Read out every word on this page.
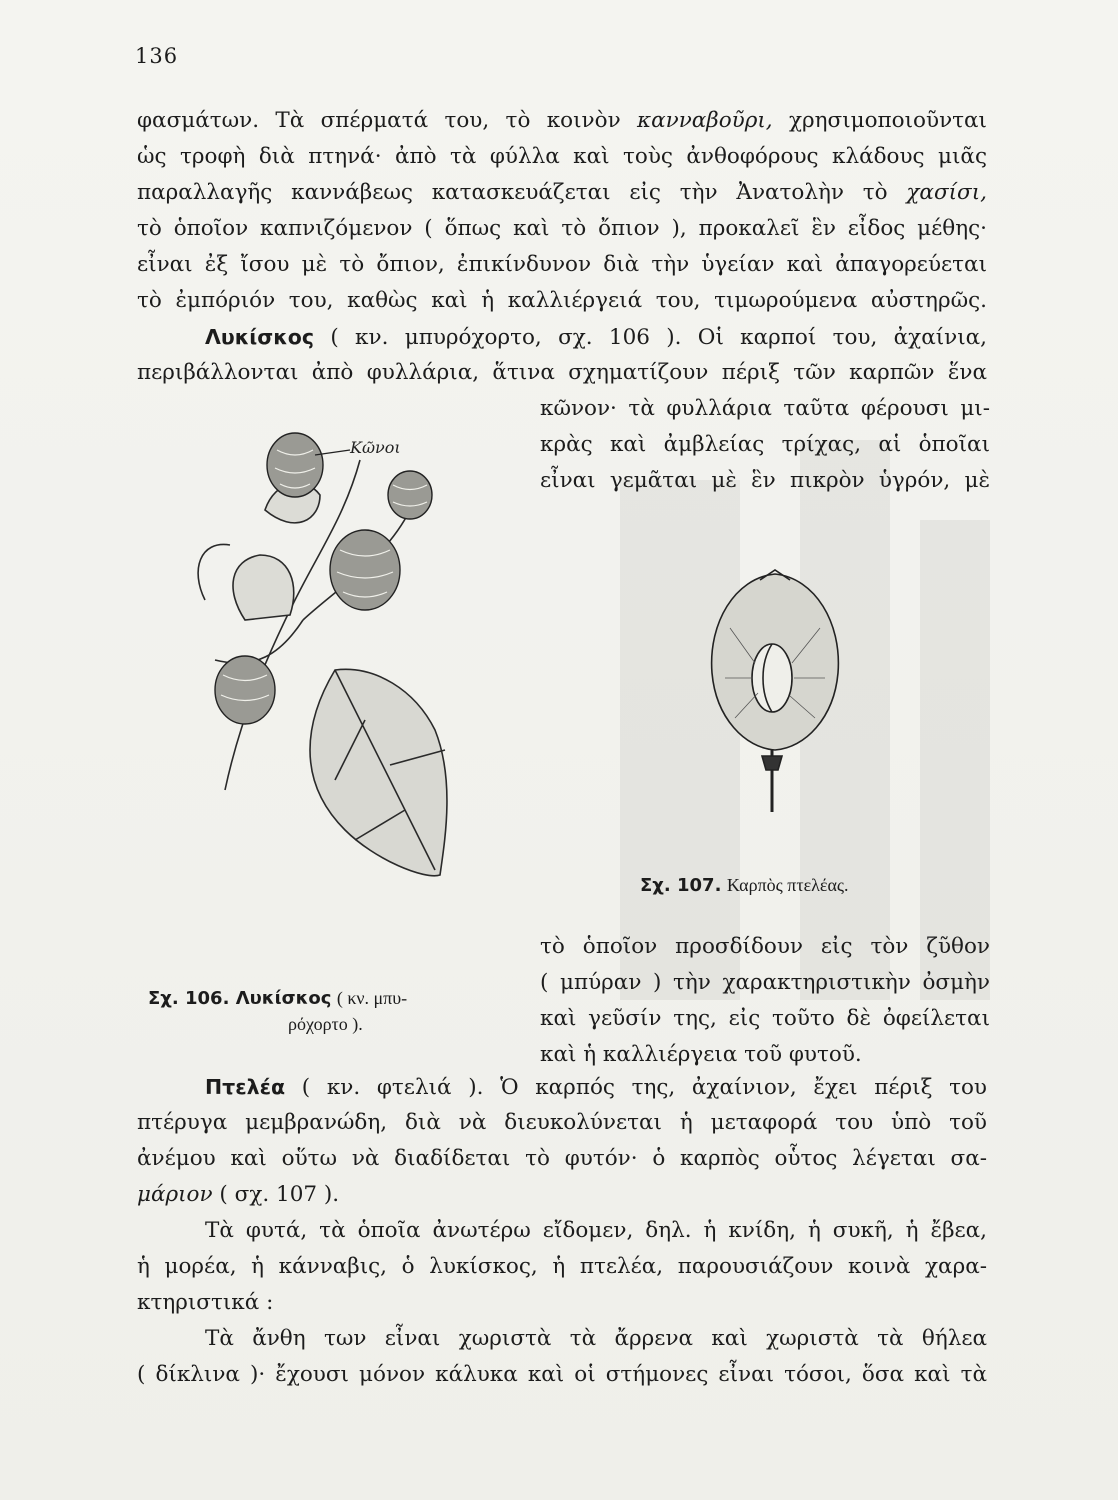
136
φασμάτων. Τὰ σπέρματά του, τὸ κοινὸν κανναβοῦρι, χρησιμοποιοῦνται
ὡς τροφὴ διὰ πτηνά· ἀπὸ τὰ φύλλα καὶ τοὺς ἀνθοφόρους κλάδους μιᾶς
παραλλαγῆς καννάβεως κατασκευάζεται εἰς τὴν Ἀνατολὴν τὸ χασίσι,
τὸ ὁποῖον καπνιζόμενον ( ὅπως καὶ τὸ ὄπιον ), προκαλεῖ ἓν εἶδος μέθης·
εἶναι ἐξ ἴσου μὲ τὸ ὄπιον, ἐπικίνδυνον διὰ τὴν ὑγείαν καὶ ἀπαγορεύεται
τὸ ἐμπόριόν του, καθὼς καὶ ἡ καλλιέργειά του, τιμωρούμενα αὐστηρῶς.
Λυκίσκος ( κν. μπυρόχορτο, σχ. 106 ). Οἱ καρποί του, ἀχαίνια,
περιβάλλονται ἀπὸ φυλλάρια, ἅτινα σχηματίζουν πέριξ τῶν καρπῶν ἕνα
κῶνον· τὰ φυλλάρια ταῦτα φέρουσι μι-
κρὰς καὶ ἀμβλείας τρίχας, αἱ ὁποῖαι
εἶναι γεμᾶται μὲ ἓν πικρὸν ὑγρόν, μὲ
Κῶνοι
Σχ. 107. Καρπὸς πτελέας.
τὸ ὁποῖον προσδίδουν εἰς τὸν ζῦθον
( μπύραν ) τὴν χαρακτηριστικὴν ὀσμὴν
καὶ γεῦσίν της, εἰς τοῦτο δὲ ὀφείλεται
καὶ ἡ καλλιέργεια τοῦ φυτοῦ.
Σχ. 106. Λυκίσκος ( κν. μπυ-
ρόχορτο ).
Πτελέα ( κν. φτελιά ). Ὁ καρπός της, ἀχαίνιον, ἔχει πέριξ του
πτέρυγα μεμβρανώδη, διὰ νὰ διευκολύνεται ἡ μεταφορά του ὑπὸ τοῦ
ἀνέμου καὶ οὕτω νὰ διαδίδεται τὸ φυτόν· ὁ καρπὸς οὗτος λέγεται σα-
μάριον ( σχ. 107 ).
Τὰ φυτά, τὰ ὁποῖα ἀνωτέρω εἴδομεν, δηλ. ἡ κνίδη, ἡ συκῆ, ἡ ἔβεα,
ἡ μορέα, ἡ κάνναβις, ὁ λυκίσκος, ἡ πτελέα, παρουσιάζουν κοινὰ χαρα-
κτηριστικά :
Τὰ ἄνθη των εἶναι χωριστὰ τὰ ἄρρενα καὶ χωριστὰ τὰ θήλεα
( δίκλινα )· ἔχουσι μόνον κάλυκα καὶ οἱ στήμονες εἶναι τόσοι, ὅσα καὶ τὰ
